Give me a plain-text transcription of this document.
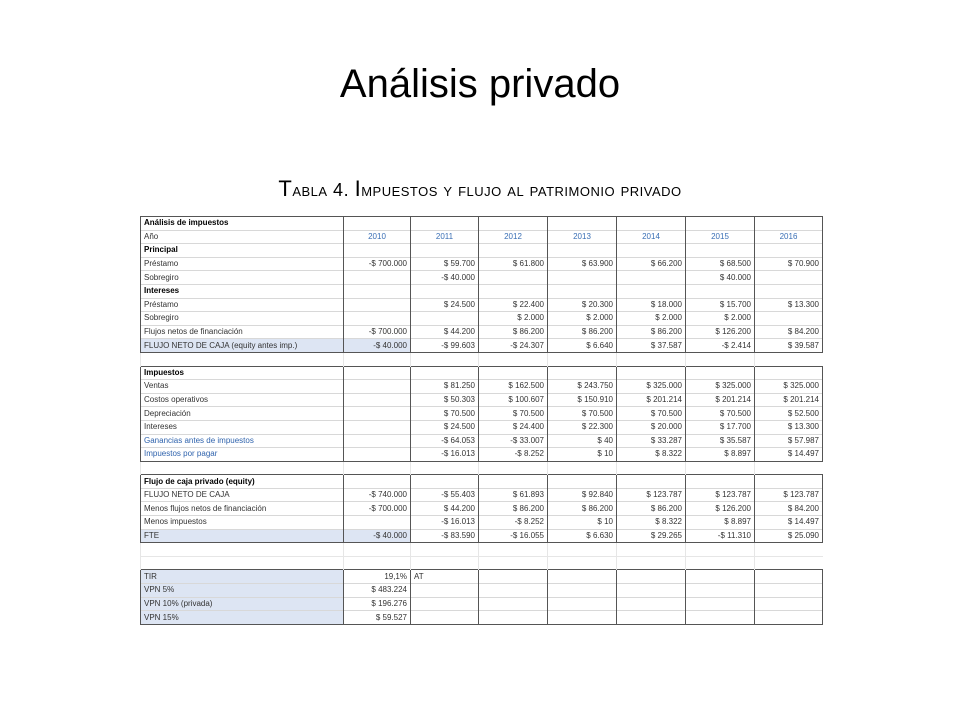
Análisis privado
Tabla 4. Impuestos y flujo al patrimonio privado
Análisis de impuestos							
Año	2010	2011	2012	2013	2014	2015	2016
Principal							
Préstamo	-$ 700.000	$ 59.700	$ 61.800	$ 63.900	$ 66.200	$ 68.500	$ 70.900
Sobregiro		-$ 40.000				$ 40.000	
Intereses							
Préstamo		$ 24.500	$ 22.400	$ 20.300	$ 18.000	$ 15.700	$ 13.300
Sobregiro			$ 2.000	$ 2.000	$ 2.000	$ 2.000	
Flujos netos de financiación	-$ 700.000	$ 44.200	$ 86.200	$ 86.200	$ 86.200	$ 126.200	$ 84.200
FLUJO NETO DE CAJA (equity antes imp.)	-$ 40.000	-$ 99.603	-$ 24.307	$ 6.640	$ 37.587	-$ 2.414	$ 39.587

Impuestos							
Ventas		$ 81.250	$ 162.500	$ 243.750	$ 325.000	$ 325.000	$ 325.000
Costos operativos		$ 50.303	$ 100.607	$ 150.910	$ 201.214	$ 201.214	$ 201.214
Depreciación		$ 70.500	$ 70.500	$ 70.500	$ 70.500	$ 70.500	$ 52.500
Intereses		$ 24.500	$ 24.400	$ 22.300	$ 20.000	$ 17.700	$ 13.300
Ganancias antes de impuestos		-$ 64.053	-$ 33.007	$ 40	$ 33.287	$ 35.587	$ 57.987
Impuestos por pagar		-$ 16.013	-$ 8.252	$ 10	$ 8.322	$ 8.897	$ 14.497

Flujo de caja privado (equity)							
FLUJO NETO DE CAJA	-$ 740.000	-$ 55.403	$ 61.893	$ 92.840	$ 123.787	$ 123.787	$ 123.787
Menos flujos netos de financiación	-$ 700.000	$ 44.200	$ 86.200	$ 86.200	$ 86.200	$ 126.200	$ 84.200
Menos impuestos		-$ 16.013	-$ 8.252	$ 10	$ 8.322	$ 8.897	$ 14.497
FTE	-$ 40.000	-$ 83.590	-$ 16.055	$ 6.630	$ 29.265	-$ 11.310	$ 25.090

TIR	19,1%	AT					
VPN 5%	$ 483.224						
VPN 10% (privada)	$ 196.276						
VPN 15%	$ 59.527						
